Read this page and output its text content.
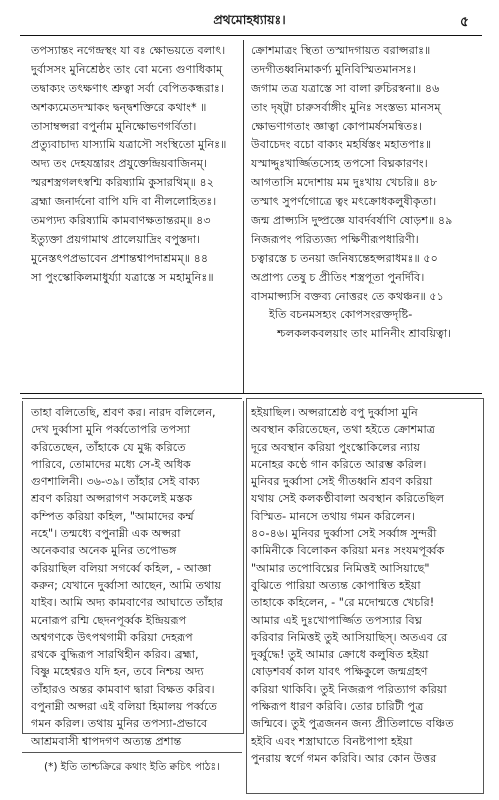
প্রথমোহধ্যায়ঃ।	৫
তপস্যান্তং নগেন্দ্রস্থং যা বঃ ক্ষোভয়তে বলাৎ।
দুর্বাসসং মুনিশ্রেষ্ঠং তাং বো মন্যে গুণাধিকাম্
তদ্বাক্যং তৎক্ষণাৎ শ্রুত্বা সর্বা বেপিতকন্ধরাঃ।
অশক্যমেতদস্মাকং দ্বন্দ্বশক্তিরে কথাং* ॥
তাসাম্বপ্সরা বপুর্নাম মুনিক্ষোভণগর্বিতা।
প্রত্যুবাচাদ্য যাস্যামি যত্রাসৌ সংস্থিতো মুনিঃ॥
অদ্য তং দেহযন্ত্রারং প্রযুক্তেন্দ্রিয়বাজিনম্।
স্মরশস্ত্রগলৎস্বশ্মি করিষ্যামি কুসারথিম্॥ ৪২
ব্রহ্মা জনার্দনো বাপি যদি বা নীললোহিতঃ।
তমপ্যদ্য করিষ্যামি কামবাণক্ষতান্তরম্॥ ৪৩
ইত্যুক্তা প্রয়গামাথ প্রালেয়াদ্রিং বপুস্তদা।
মুনেস্তৎপপ্রভাবেন প্রশান্তশ্বাপদাশ্রমম্॥ ৪৪
সা পুংস্কোকিলমাধুর্য্যা যত্রাস্তে স মহামুনিঃ॥
ক্রোশমাত্রং স্থিতা তস্মাদগায়ত বরাপ্সরাঃ॥
তদগীতধ্বনিমাকর্ণ্য মুনিবিস্মিতমানসঃ।
জগাম তত্র যত্রাস্তে সা বালা রুচিরস্বনা॥ ৪৬
তাং দৃষ্ট্বা চারুসর্বাঙ্গীং মুনিঃ সংস্তভ্য মানসম্
ক্ষোভণাগতাং জ্ঞাত্বা কোপামর্ষসমন্বিতঃ।
উবাচেদং বচো বাক্যং মহর্ষিস্তং মহাতপাঃ॥
যস্মাদ্দুঃখার্জ্জিতস্যেহ তপসো বিঘ্নকারণং।
আগতাসি মদোশায় মম দুঃখায় খেচরি॥ ৪৮
তস্মাৎ সুপর্ণগোত্রে ত্বং মৎক্রোধকলুষীকৃতা।
জন্ম প্রাপ্স্যসি দুষ্প্রজ্ঞে যাবর্দবর্ষাণি ষোড়শ॥ ৪৯
নিজরূপং পরিত্যজ্য পক্ষিণীরূপধারিণী।
চত্বারস্তে চ তনয়া জনিষ্যন্তেহপ্সরাধমঃ॥ ৫০
অপ্রাপ্য তেষু চ প্রীতিং শস্ত্রপূতা পুনর্দিবি।
বাসমাপ্স্যসি বক্তব্য নোত্তরং তে কথঞ্চন॥ ৫১
ইতি বচনমসহ্যং কোপসংরক্তদৃষ্টি-
শ্চলকলকবলয়াং তাং মানিনীং শ্রাবয়িত্বা।
তাহা বলিতেছি, শ্রবণ কর। নারদ বলিলেন,
দেখ দুর্ব্বাসা মুনি পর্ব্বতোপরি তপস্যা
করিতেছেন, তাঁহাকে যে মুগ্ধ করিতে
পারিবে, তোমাদের মধ্যে সে-ই অধিক
গুণশালিনী। ৩৬-৩৯। তাঁহার সেই বাক্য
শ্রবণ করিয়া অপ্সরাগণ সকলেই মস্তক
কম্পিত করিয়া কহিল, "আমাদের কর্ম্ম
নহে"। তন্মধ্যে বপুনাম্নী এক অপ্সরা
অনেকবার অনেক মুনির তপোভঙ্গ
করিয়াছিল বলিয়া সগর্ব্বে কহিল, - আজ্ঞা
করুন; যেখানে দুর্ব্বাসা আছেন, আমি তথায়
যাইব। আমি অদ্য কামবাণের আঘাতে তাঁহার
মনোরূপ রশ্মি ছেদনপূর্ব্বক ইন্দ্রিয়রূপ
অশ্বগণকে উৎপথগামী করিয়া দেহরূপ
রথকে বুদ্ধিরূপ সারথিহীন করিব। ব্রহ্মা,
বিষ্ণু মহেশ্বরও যদি হন, তবে নিশ্চয় অদ্য
তাঁহারও অন্তর কামবাণ দ্বারা বিক্ষত করিব।
বপুনাম্নী অপ্সরা এই বলিয়া হিমালয় পর্ব্বতে
গমন করিল। তথায় মুনির তপস্যা-প্রভাবে
আশ্রমবাসী শ্বাপদগণ অত্যন্ত প্রশান্ত
হইয়াছিল। অপ্সরাশ্রেষ্ঠ বপু দুর্ব্বাসা মুনি
অবস্থান করিতেছেন, তথা হইতে ক্রোশমাত্র
দূরে অবস্থান করিয়া পুংস্কোকিলের ন্যায়
মনোহর কণ্ঠে গান করিতে আরম্ভ করিল।
মুনিবর দুর্ব্বাসা সেই গীতধ্বনি শ্রবণ করিয়া
যথায় সেই কলকণ্ঠীবালা অবস্থান করিতেছিল
বিস্মিত- মানসে তথায় গমন করিলেন।
৪০-৪৬। মুনিবর দুর্ব্বাসা সেই সর্ব্বাঙ্গ সুন্দরী
কামিনীকে বিলোকন করিয়া মনঃ সংযমপূর্ব্বক
"আমার তপোবিঘ্নের নিমিত্তই আসিয়াছে"
বুঝিতে পারিয়া অত্যন্ত কোপান্বিত হইয়া
তাহাকে কহিলেন, - "রে মদোন্মত্তে খেচরি!
আমার এই দুঃখোপার্জ্জিত তপস্যার বিঘ্ন
করিবার নিমিত্তই তুই আসিয়াছিস্। অতএব রে
দুর্ব্বুদ্ধে! তুই আমার ক্রোধে কলুষিত হইয়া
ষোড়শবর্ষ কাল যাবৎ পক্ষিকুলে জন্মগ্রহণ
করিয়া থাকিবি। তুই নিজরূপ পরিত্যাগ করিয়া
পক্ষিরূপ ধারণ করিবি। তোর চারিটী পুত্র
জন্মিবে। তুই পুত্রজনন জন্য প্রীতিলাভে বঞ্চিত
হইবি এবং শস্ত্রাঘাতে বিনষ্টপাপা হইয়া
পুনরায় স্বর্গে গমন করিবি। আর কোন উত্তর
(*) ইতি তাশ্চক্রিরে কথাং ইতি ক্বচিৎ পাঠঃ।
